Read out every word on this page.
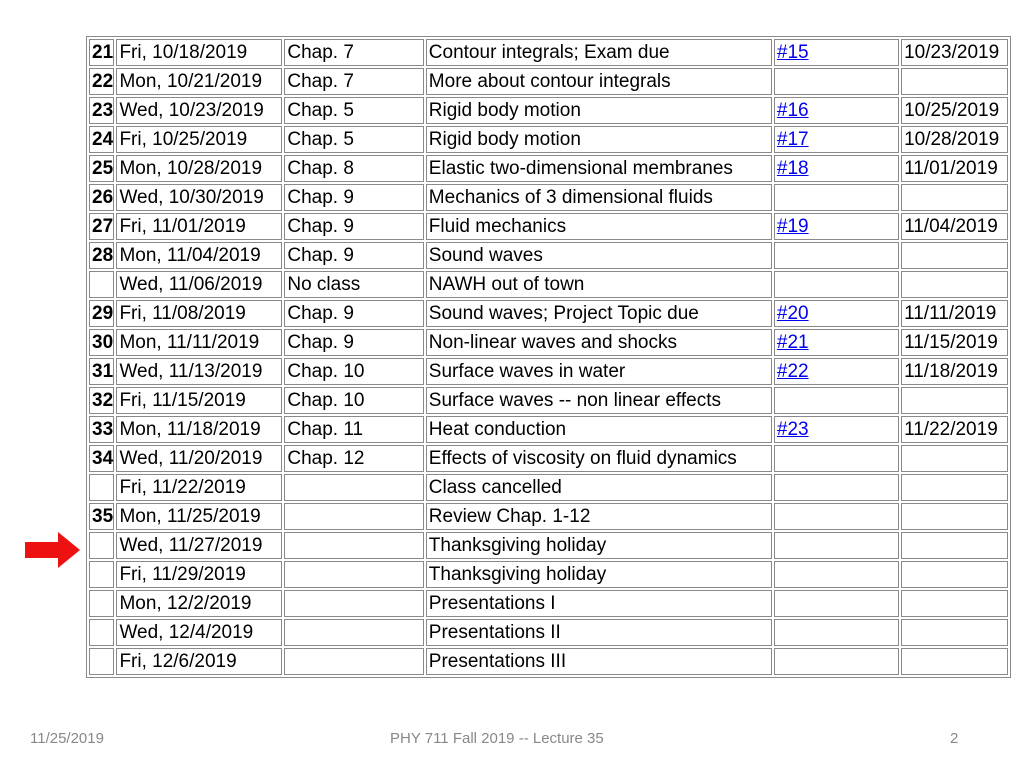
21	Fri, 10/18/2019	Chap. 7	Contour integrals; Exam due	#15	10/23/2019
22	Mon, 10/21/2019	Chap. 7	More about contour integrals		
23	Wed, 10/23/2019	Chap. 5	Rigid body motion	#16	10/25/2019
24	Fri, 10/25/2019	Chap. 5	Rigid body motion	#17	10/28/2019
25	Mon, 10/28/2019	Chap. 8	Elastic two-dimensional membranes	#18	11/01/2019
26	Wed, 10/30/2019	Chap. 9	Mechanics of 3 dimensional fluids		
27	Fri, 11/01/2019	Chap. 9	Fluid mechanics	#19	11/04/2019
28	Mon, 11/04/2019	Chap. 9	Sound waves		
	Wed, 11/06/2019	No class	NAWH out of town		
29	Fri, 11/08/2019	Chap. 9	Sound waves; Project Topic due	#20	11/11/2019
30	Mon, 11/11/2019	Chap. 9	Non-linear waves and shocks	#21	11/15/2019
31	Wed, 11/13/2019	Chap. 10	Surface waves in water	#22	11/18/2019
32	Fri, 11/15/2019	Chap. 10	Surface waves -- non linear effects		
33	Mon, 11/18/2019	Chap. 11	Heat conduction	#23	11/22/2019
34	Wed, 11/20/2019	Chap. 12	Effects of viscosity on fluid dynamics		
	Fri, 11/22/2019		Class cancelled		
35	Mon, 11/25/2019		Review Chap. 1-12		
	Wed, 11/27/2019		Thanksgiving holiday		
	Fri, 11/29/2019		Thanksgiving holiday		
	Mon, 12/2/2019		Presentations I		
	Wed, 12/4/2019		Presentations II		
	Fri, 12/6/2019		Presentations III		
11/25/2019	PHY 711 Fall 2019 -- Lecture 35	2
